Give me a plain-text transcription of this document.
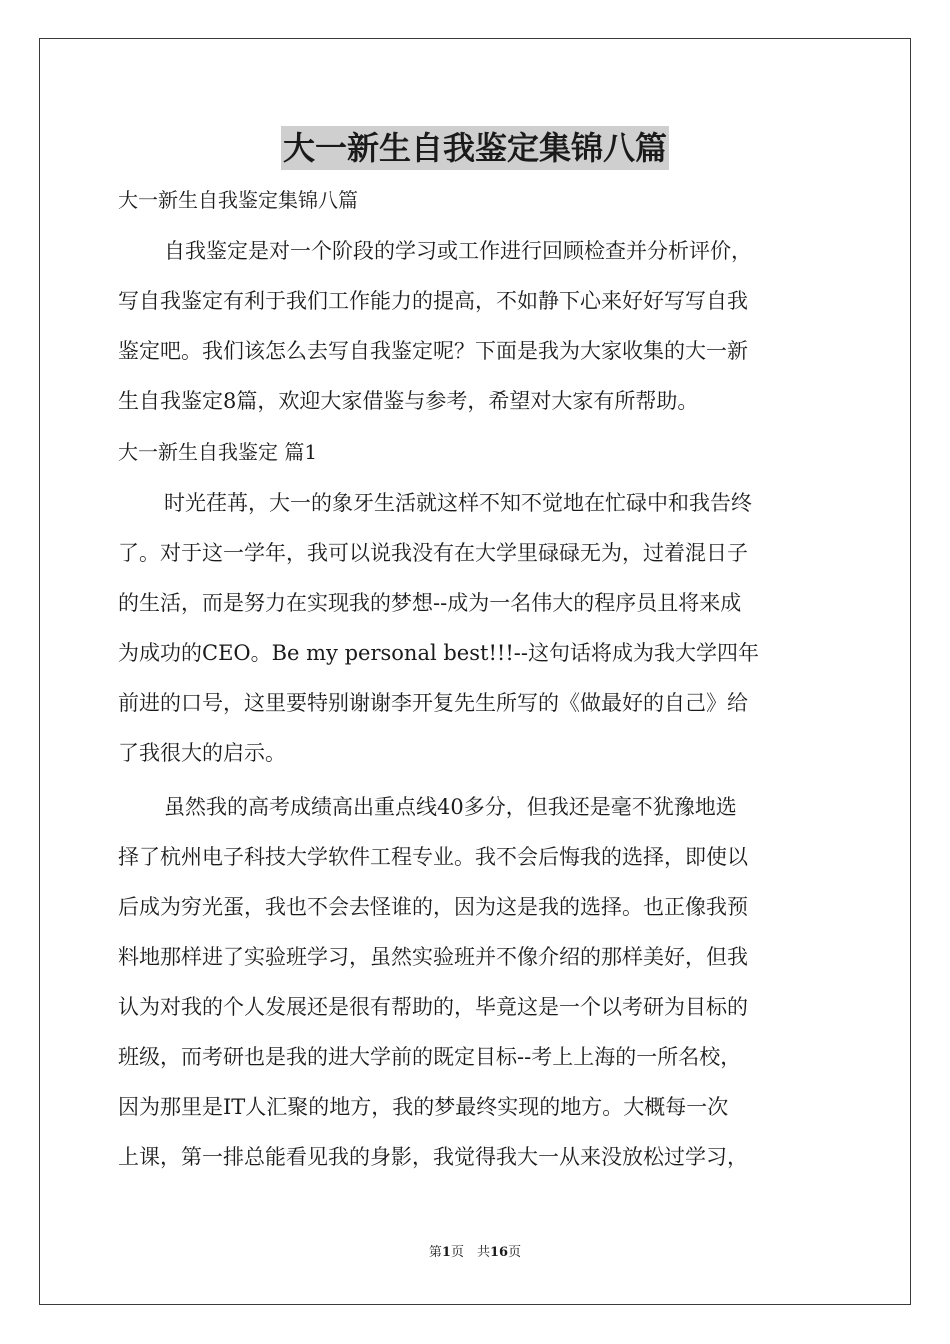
大一新生自我鉴定集锦八篇
大一新生自我鉴定集锦八篇
自我鉴定是对一个阶段的学习或工作进行回顾检查并分析评价，
写自我鉴定有利于我们工作能力的提高，不如静下心来好好写写自我
鉴定吧。我们该怎么去写自我鉴定呢？下面是我为大家收集的大一新
生自我鉴定8篇，欢迎大家借鉴与参考，希望对大家有所帮助。
大一新生自我鉴定 篇1
时光荏苒，大一的象牙生活就这样不知不觉地在忙碌中和我告终
了。对于这一学年，我可以说我没有在大学里碌碌无为，过着混日子
的生活，而是努力在实现我的梦想--成为一名伟大的程序员且将来成
为成功的CEO。Be my personal best!!!--这句话将成为我大学四年
前进的口号，这里要特别谢谢李开复先生所写的《做最好的自己》给
了我很大的启示。
虽然我的高考成绩高出重点线40多分，但我还是毫不犹豫地选
择了杭州电子科技大学软件工程专业。我不会后悔我的选择，即使以
后成为穷光蛋，我也不会去怪谁的，因为这是我的选择。也正像我预
料地那样进了实验班学习，虽然实验班并不像介绍的那样美好，但我
认为对我的个人发展还是很有帮助的，毕竟这是一个以考研为目标的
班级，而考研也是我的进大学前的既定目标--考上上海的一所名校，
因为那里是IT人汇聚的地方，我的梦最终实现的地方。大概每一次
上课，第一排总能看见我的身影，我觉得我大一从来没放松过学习，
第1页　共16页
